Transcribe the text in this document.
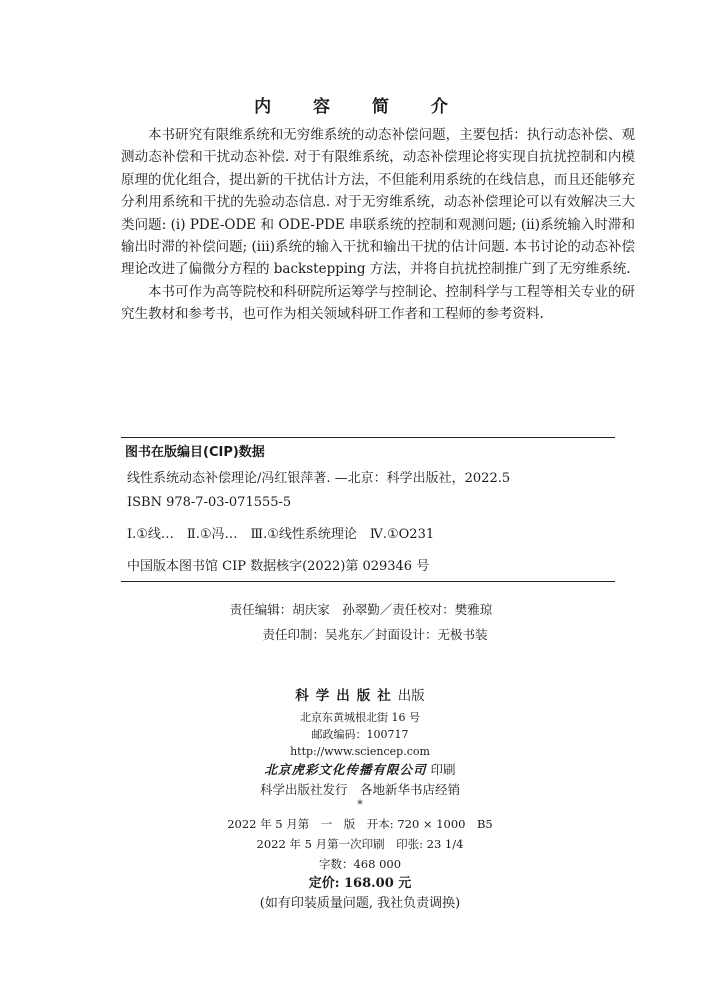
内 容 简 介

本书研究有限维系统和无穷维系统的动态补偿问题，主要包括：执行动态补偿、观测动态补偿和干扰动态补偿. 对于有限维系统，动态补偿理论将实现自抗扰控制和内模原理的优化组合，提出新的干扰估计方法，不但能利用系统的在线信息，而且还能够充分利用系统和干扰的先验动态信息. 对于无穷维系统，动态补偿理论可以有效解决三大类问题: (i) PDE-ODE 和 ODE-PDE 串联系统的控制和观测问题; (ii)系统输入时滞和输出时滞的补偿问题; (iii)系统的输入干扰和输出干扰的估计问题. 本书讨论的动态补偿理论改进了偏微分方程的 backstepping 方法，并将自抗扰控制推广到了无穷维系统.

本书可作为高等院校和科研院所运筹学与控制论、控制科学与工程等相关专业的研究生教材和参考书，也可作为相关领域科研工作者和工程师的参考资料.

图书在版编目(CIP)数据
线性系统动态补偿理论/冯红银萍著. —北京：科学出版社，2022.5
ISBN 978-7-03-071555-5
Ⅰ.①线…　Ⅱ.①冯…　Ⅲ.①线性系统理论　Ⅳ.①O231
中国版本图书馆 CIP 数据核字(2022)第 029346 号
责任编辑：胡庆家　孙翠勤／责任校对：樊雅琼
责任印制：吴兆东／封面设计：无极书装
科学出版社出版
北京东黄城根北街 16 号
邮政编码：100717
http://www.sciencep.com
北京虎彩文化传播有限公司 印刷
科学出版社发行　各地新华书店经销
*
2022 年 5 月第　一　版　开本: 720 × 1000　B5
2022 年 5 月第一次印刷　印张: 23 1/4
字数：468 000
定价: 168.00 元
(如有印装质量问题, 我社负责调换)
